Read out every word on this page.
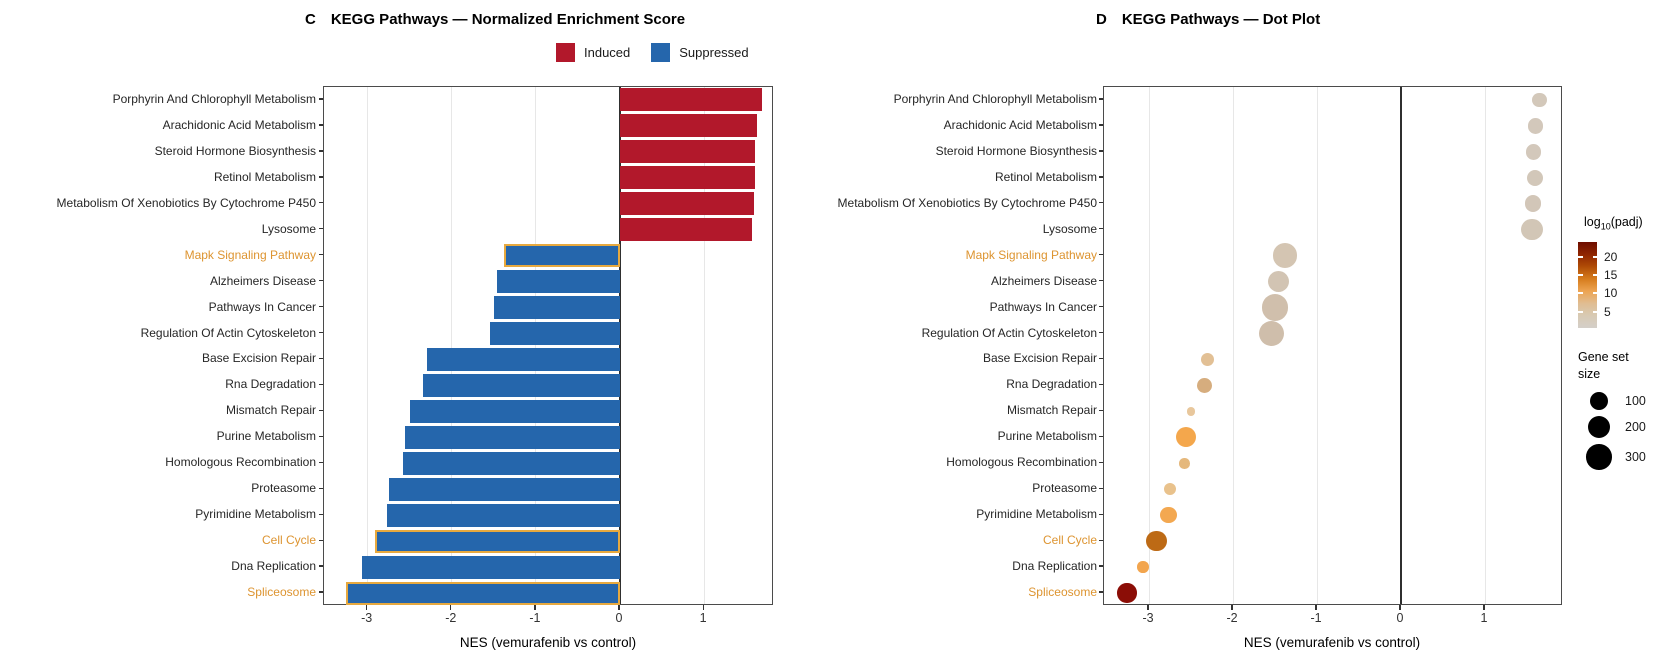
C KEGG Pathways — Normalized Enrichment Score
Induced	Suppressed
Porphyrin And Chlorophyll Metabolism
Arachidonic Acid Metabolism
Steroid Hormone Biosynthesis
Retinol Metabolism
Metabolism Of Xenobiotics By Cytochrome P450
Lysosome
Mapk Signaling Pathway
Alzheimers Disease
Pathways In Cancer
Regulation Of Actin Cytoskeleton
Base Excision Repair
Rna Degradation
Mismatch Repair
Purine Metabolism
Homologous Recombination
Proteasome
Pyrimidine Metabolism
Cell Cycle
Dna Replication
Spliceosome
-3	-2	-1	0	1
NES (vemurafenib vs control)
D KEGG Pathways — Dot Plot
Porphyrin And Chlorophyll Metabolism
Arachidonic Acid Metabolism
Steroid Hormone Biosynthesis
Retinol Metabolism
Metabolism Of Xenobiotics By Cytochrome P450
Lysosome
Mapk Signaling Pathway
Alzheimers Disease
Pathways In Cancer
Regulation Of Actin Cytoskeleton
Base Excision Repair
Rna Degradation
Mismatch Repair
Purine Metabolism
Homologous Recombination
Proteasome
Pyrimidine Metabolism
Cell Cycle
Dna Replication
Spliceosome
-3	-2	-1	0	1
NES (vemurafenib vs control)
$\log_{10}(padj)$
20
15
10
5
Gene set
size
100
200
300
